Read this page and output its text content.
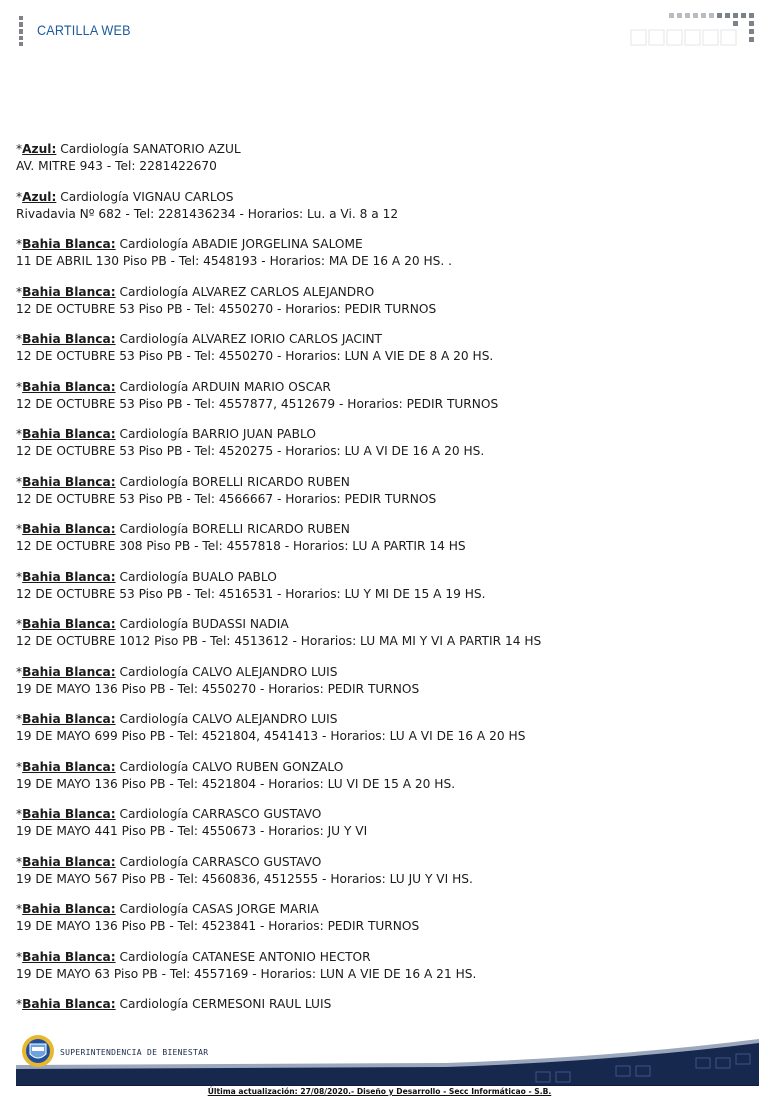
CARTILLA WEB
*Azul: Cardiología SANATORIO AZUL
AV. MITRE 943 - Tel: 2281422670
*Azul: Cardiología VIGNAU CARLOS
Rivadavia Nº 682 - Tel: 2281436234 - Horarios: Lu. a Vi. 8 a 12
*Bahia Blanca: Cardiología ABADIE JORGELINA SALOME
11 DE ABRIL 130 Piso PB - Tel: 4548193 - Horarios: MA DE 16 A 20 HS. .
*Bahia Blanca: Cardiología ALVAREZ CARLOS ALEJANDRO
12 DE OCTUBRE 53 Piso PB - Tel: 4550270 - Horarios: PEDIR TURNOS
*Bahia Blanca: Cardiología ALVAREZ IORIO CARLOS JACINT
12 DE OCTUBRE 53 Piso PB - Tel: 4550270 - Horarios: LUN A VIE DE 8 A 20 HS.
*Bahia Blanca: Cardiología ARDUIN MARIO OSCAR
12 DE OCTUBRE 53 Piso PB - Tel: 4557877, 4512679 - Horarios: PEDIR TURNOS
*Bahia Blanca: Cardiología BARRIO JUAN PABLO
12 DE OCTUBRE 53 Piso PB - Tel: 4520275 - Horarios: LU A VI DE 16 A 20 HS.
*Bahia Blanca: Cardiología BORELLI RICARDO RUBEN
12 DE OCTUBRE 53 Piso PB - Tel: 4566667 - Horarios: PEDIR TURNOS
*Bahia Blanca: Cardiología BORELLI RICARDO RUBEN
12 DE OCTUBRE 308 Piso PB - Tel: 4557818 - Horarios: LU A PARTIR 14 HS
*Bahia Blanca: Cardiología BUALO PABLO
12 DE OCTUBRE 53 Piso PB - Tel: 4516531 - Horarios: LU Y MI DE 15 A 19 HS.
*Bahia Blanca: Cardiología BUDASSI NADIA
12 DE OCTUBRE 1012 Piso PB - Tel: 4513612 - Horarios: LU MA MI Y VI A PARTIR 14 HS
*Bahia Blanca: Cardiología CALVO ALEJANDRO LUIS
19 DE MAYO 136 Piso PB - Tel: 4550270 - Horarios: PEDIR TURNOS
*Bahia Blanca: Cardiología CALVO ALEJANDRO LUIS
19 DE MAYO 699 Piso PB - Tel: 4521804, 4541413 - Horarios: LU A VI DE 16 A 20 HS
*Bahia Blanca: Cardiología CALVO RUBEN GONZALO
19 DE MAYO 136 Piso PB - Tel: 4521804 - Horarios: LU VI DE 15 A 20 HS.
*Bahia Blanca: Cardiología CARRASCO GUSTAVO
19 DE MAYO 441 Piso PB - Tel: 4550673 - Horarios: JU Y VI
*Bahia Blanca: Cardiología CARRASCO GUSTAVO
19 DE MAYO 567 Piso PB - Tel: 4560836, 4512555 - Horarios: LU JU Y VI HS.
*Bahia Blanca: Cardiología CASAS JORGE MARIA
19 DE MAYO 136 Piso PB - Tel: 4523841 - Horarios: PEDIR TURNOS
*Bahia Blanca: Cardiología CATANESE ANTONIO HECTOR
19 DE MAYO 63 Piso PB - Tel: 4557169 - Horarios: LUN A VIE DE 16 A 21 HS.
*Bahia Blanca: Cardiología CERMESONI RAUL LUIS
SUPERINTENDENCIA DE BIENESTAR
Última actualización: 27/08/2020.- Diseño y Desarrollo - Secc Informáticao - S.B.
